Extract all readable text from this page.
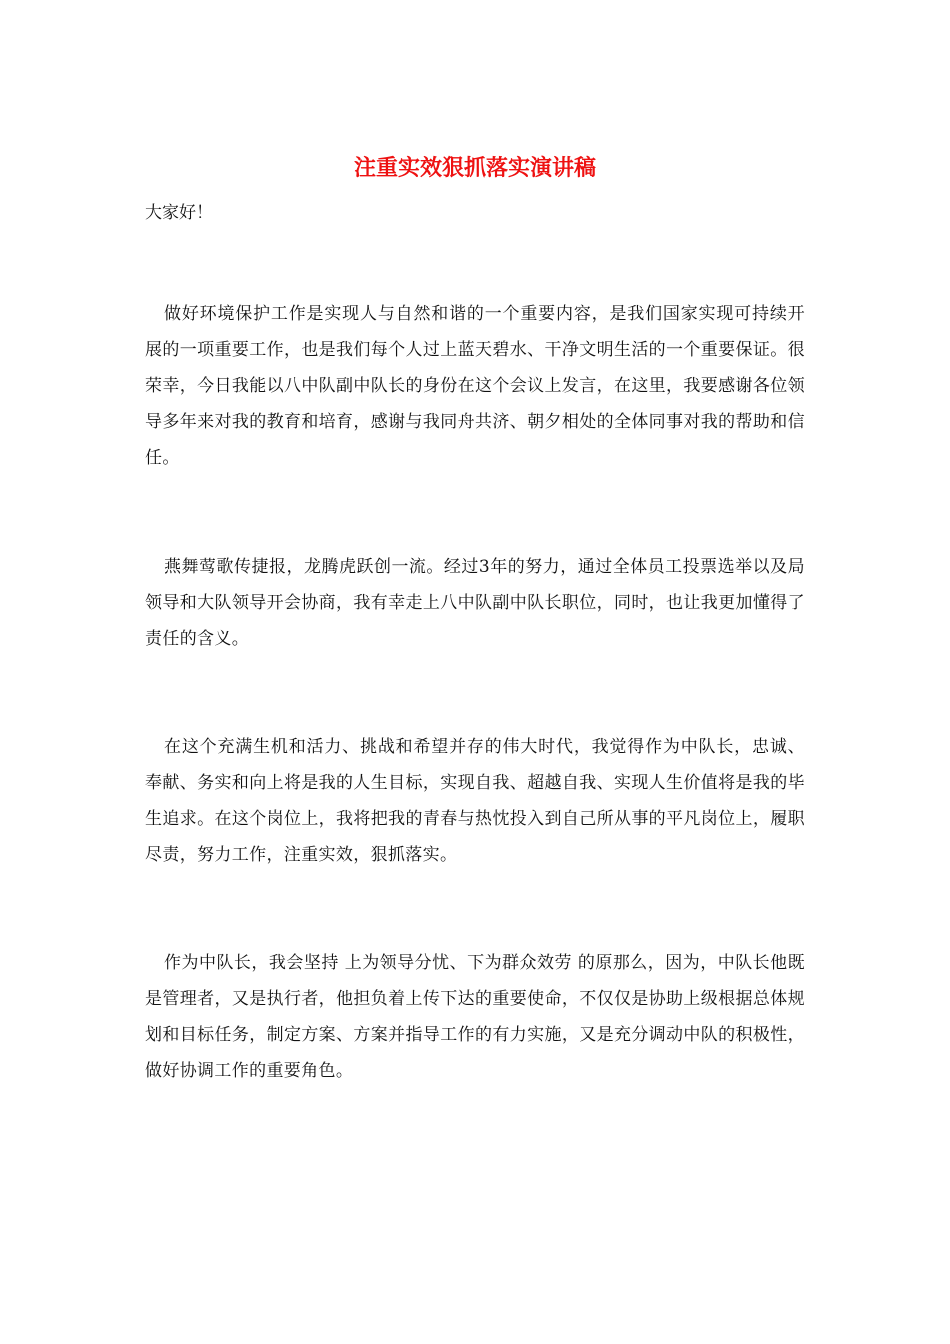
注重实效狠抓落实演讲稿

大家好！

做好环境保护工作是实现人与自然和谐的一个重要内容，是我们国家实现可持续开展的一项重要工作，也是我们每个人过上蓝天碧水、干净文明生活的一个重要保证。很荣幸，今日我能以八中队副中队长的身份在这个会议上发言，在这里，我要感谢各位领导多年来对我的教育和培育，感谢与我同舟共济、朝夕相处的全体同事对我的帮助和信任。

燕舞莺歌传捷报，龙腾虎跃创一流。经过3年的努力，通过全体员工投票选举以及局领导和大队领导开会协商，我有幸走上八中队副中队长职位，同时，也让我更加懂得了责任的含义。

在这个充满生机和活力、挑战和希望并存的伟大时代，我觉得作为中队长，忠诚、奉献、务实和向上将是我的人生目标，实现自我、超越自我、实现人生价值将是我的毕生追求。在这个岗位上，我将把我的青春与热忱投入到自己所从事的平凡岗位上，履职尽责，努力工作，注重实效，狠抓落实。

作为中队长，我会坚持 上为领导分忧、下为群众效劳 的原那么，因为，中队长他既是管理者，又是执行者，他担负着上传下达的重要使命，不仅仅是协助上级根据总体规划和目标任务，制定方案、方案并指导工作的有力实施，又是充分调动中队的积极性，做好协调工作的重要角色。
